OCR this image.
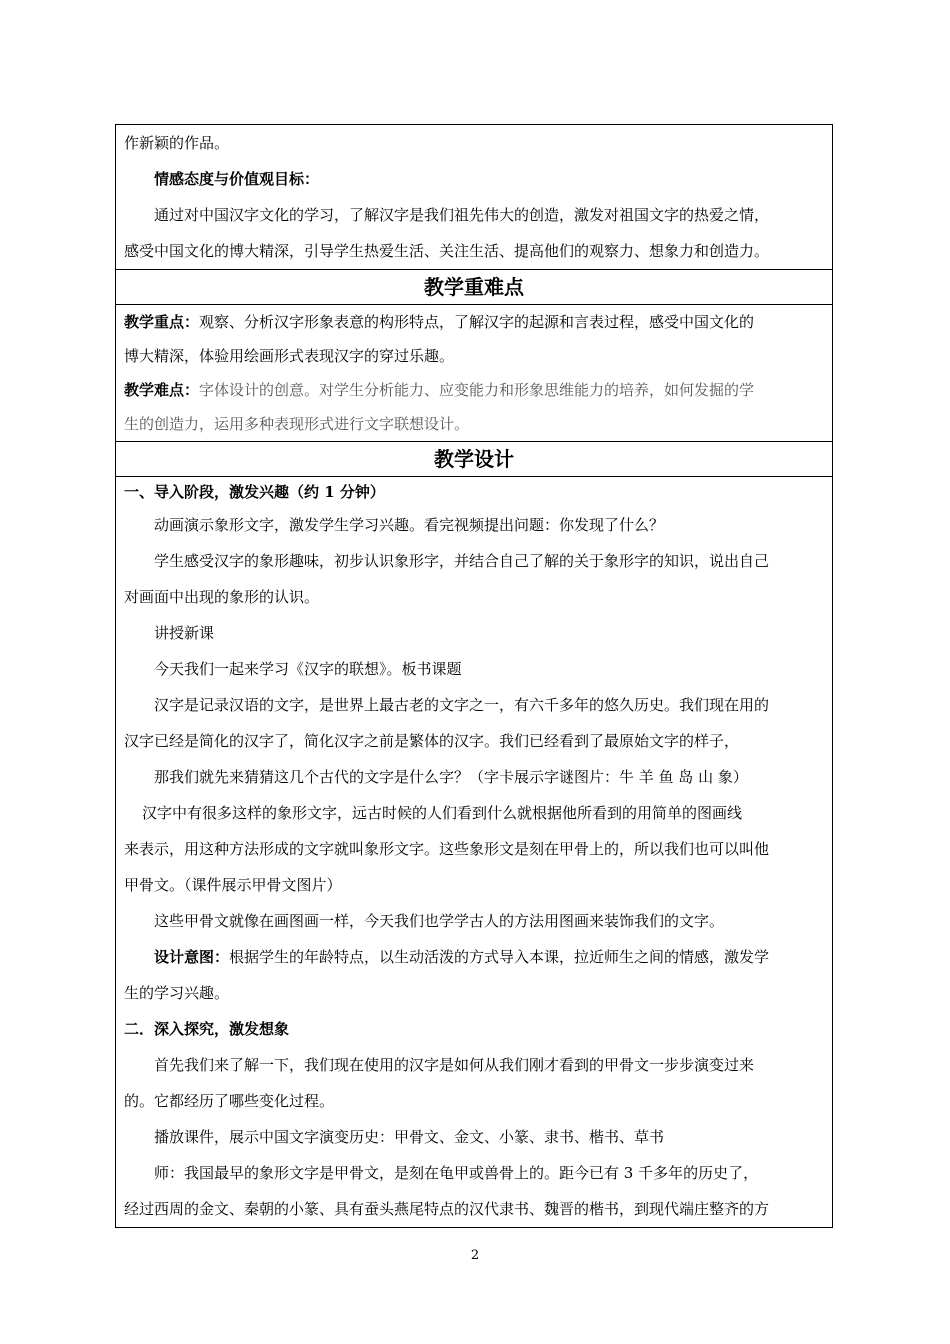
作新颖的作品。
情感态度与价值观目标：
通过对中国汉字文化的学习，了解汉字是我们祖先伟大的创造，激发对祖国文字的热爱之情，
感受中国文化的博大精深，引导学生热爱生活、关注生活、提高他们的观察力、想象力和创造力。

教学重难点

教学重点：观察、分析汉字形象表意的构形特点，了解汉字的起源和言表过程，感受中国文化的
博大精深，体验用绘画形式表现汉字的穿过乐趣。
教学难点：字体设计的创意。对学生分析能力、应变能力和形象思维能力的培养，如何发掘的学
生的创造力，运用多种表现形式进行文字联想设计。

教学设计

一、导入阶段，激发兴趣（约 1 分钟）
动画演示象形文字，激发学生学习兴趣。看完视频提出问题：你发现了什么？
学生感受汉字的象形趣味，初步认识象形字，并结合自己了解的关于象形字的知识，说出自己
对画面中出现的象形的认识。
讲授新课
今天我们一起来学习《汉字的联想》。板书课题
汉字是记录汉语的文字，是世界上最古老的文字之一，有六千多年的悠久历史。我们现在用的
汉字已经是简化的汉字了，简化汉字之前是繁体的汉字。我们已经看到了最原始文字的样子，
那我们就先来猜猜这几个古代的文字是什么字？（字卡展示字谜图片：牛 羊 鱼 岛 山 象）
汉字中有很多这样的象形文字，远古时候的人们看到什么就根据他所看到的用简单的图画线
来表示，用这种方法形成的文字就叫象形文字。这些象形文是刻在甲骨上的，所以我们也可以叫他
甲骨文。（课件展示甲骨文图片）
这些甲骨文就像在画图画一样，今天我们也学学古人的方法用图画来装饰我们的文字。
设计意图：根据学生的年龄特点，以生动活泼的方式导入本课，拉近师生之间的情感，激发学
生的学习兴趣。
二．深入探究，激发想象
首先我们来了解一下，我们现在使用的汉字是如何从我们刚才看到的甲骨文一步步演变过来
的。它都经历了哪些变化过程。
播放课件，展示中国文字演变历史：甲骨文、金文、小篆、隶书、楷书、草书
师：我国最早的象形文字是甲骨文，是刻在龟甲或兽骨上的。距今已有 3 千多年的历史了，
经过西周的金文、秦朝的小篆、具有蚕头燕尾特点的汉代隶书、魏晋的楷书，到现代端庄整齐的方
2
